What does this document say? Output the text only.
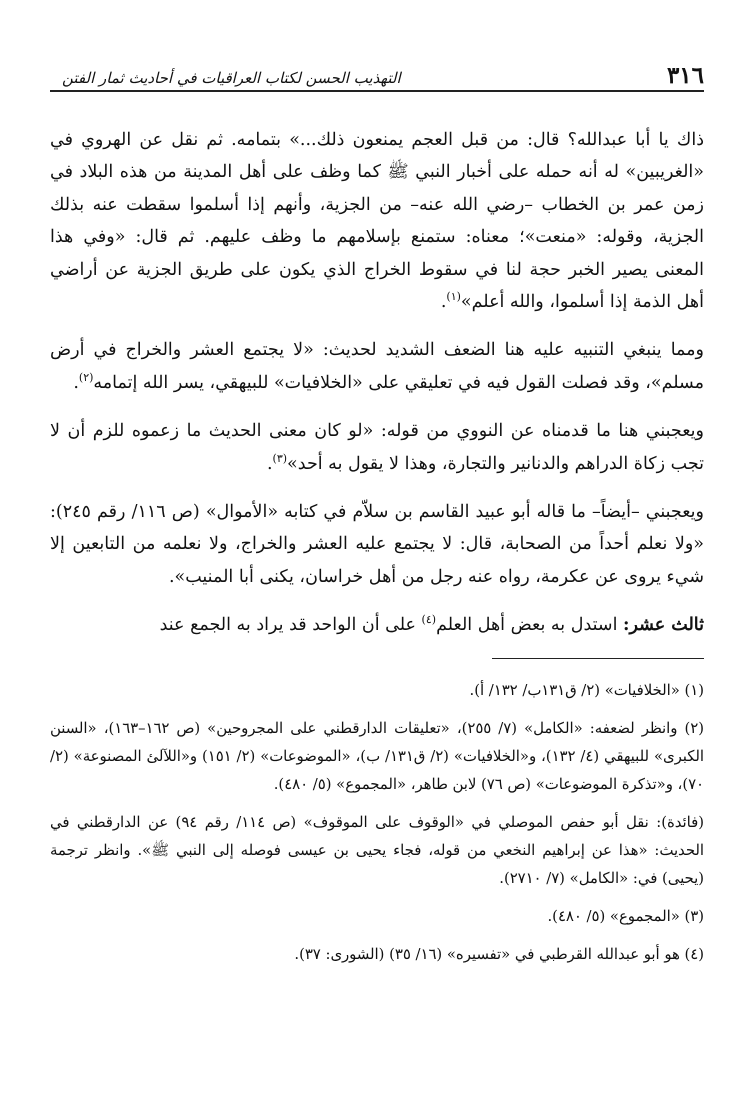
٣١٦
التهذيب الحسن لكتاب العراقيات في أحاديث ثمار الفتن

ذاك يا أبا عبدالله؟ قال: من قبل العجم يمنعون ذلك...» بتمامه. ثم نقل عن الهروي في «الغريبين» له أنه حمله على أخبار النبي ﷺ كما وظف على أهل المدينة من هذه البلاد في زمن عمر بن الخطاب –رضي الله عنه– من الجزية، وأنهم إذا أسلموا سقطت عنه بذلك الجزية، وقوله: «منعت»؛ معناه: ستمنع بإسلامهم ما وظف عليهم. ثم قال: «وفي هذا المعنى يصير الخبر حجة لنا في سقوط الخراج الذي يكون على طريق الجزية عن أراضي أهل الذمة إذا أسلموا، والله أعلم»$^{(١)}$.

ومما ينبغي التنبيه عليه هنا الضعف الشديد لحديث: «لا يجتمع العشر والخراج في أرض مسلم»، وقد فصلت القول فيه في تعليقي على «الخلافيات» للبيهقي، يسر الله إتمامه$^{(٢)}$.

ويعجبني هنا ما قدمناه عن النووي من قوله: «لو كان معنى الحديث ما زعموه للزم أن لا تجب زكاة الدراهم والدنانير والتجارة، وهذا لا يقول به أحد»$^{(٣)}$.

ويعجبني –أيضاً– ما قاله أبو عبيد القاسم بن سلاّم في كتابه «الأموال» (ص ١١٦/ رقم ٢٤٥): «ولا نعلم أحداً من الصحابة، قال: لا يجتمع عليه العشر والخراج، ولا نعلمه من التابعين إلا شيء يروى عن عكرمة، رواه عنه رجل من أهل خراسان، يكنى أبا المنيب».

ثالث عشر: استدل به بعض أهل العلم$^{(٤)}$ على أن الواحد قد يراد به الجمع عند

(١) «الخلافيات» (٢/ ق١٣١ب/ ١٣٢/ أ).

(٢) وانظر لضعفه: «الكامل» (٧/ ٢٥٥)، «تعليقات الدارقطني على المجروحين» (ص ١٦٢–١٦٣)، «السنن الكبرى» للبيهقي (٤/ ١٣٢)، و«الخلافيات» (٢/ ق١٣١/ ب)، «الموضوعات» (٢/ ١٥١) و«اللآلئ المصنوعة» (٢/ ٧٠)، و«تذكرة الموضوعات» (ص ٧٦) لابن طاهر، «المجموع» (٥/ ٤٨٠).

(فائدة): نقل أبو حفص الموصلي في «الوقوف على الموقوف» (ص ١١٤/ رقم ٩٤) عن الدارقطني في الحديث: «هذا عن إبراهيم النخعي من قوله، فجاء يحيى بن عيسى فوصله إلى النبي ﷺ». وانظر ترجمة (يحيى) في: «الكامل» (٧/ ٢٧١٠).

(٣) «المجموع» (٥/ ٤٨٠).

(٤) هو أبو عبدالله القرطبي في «تفسيره» (١٦/ ٣٥) (الشورى: ٣٧).
